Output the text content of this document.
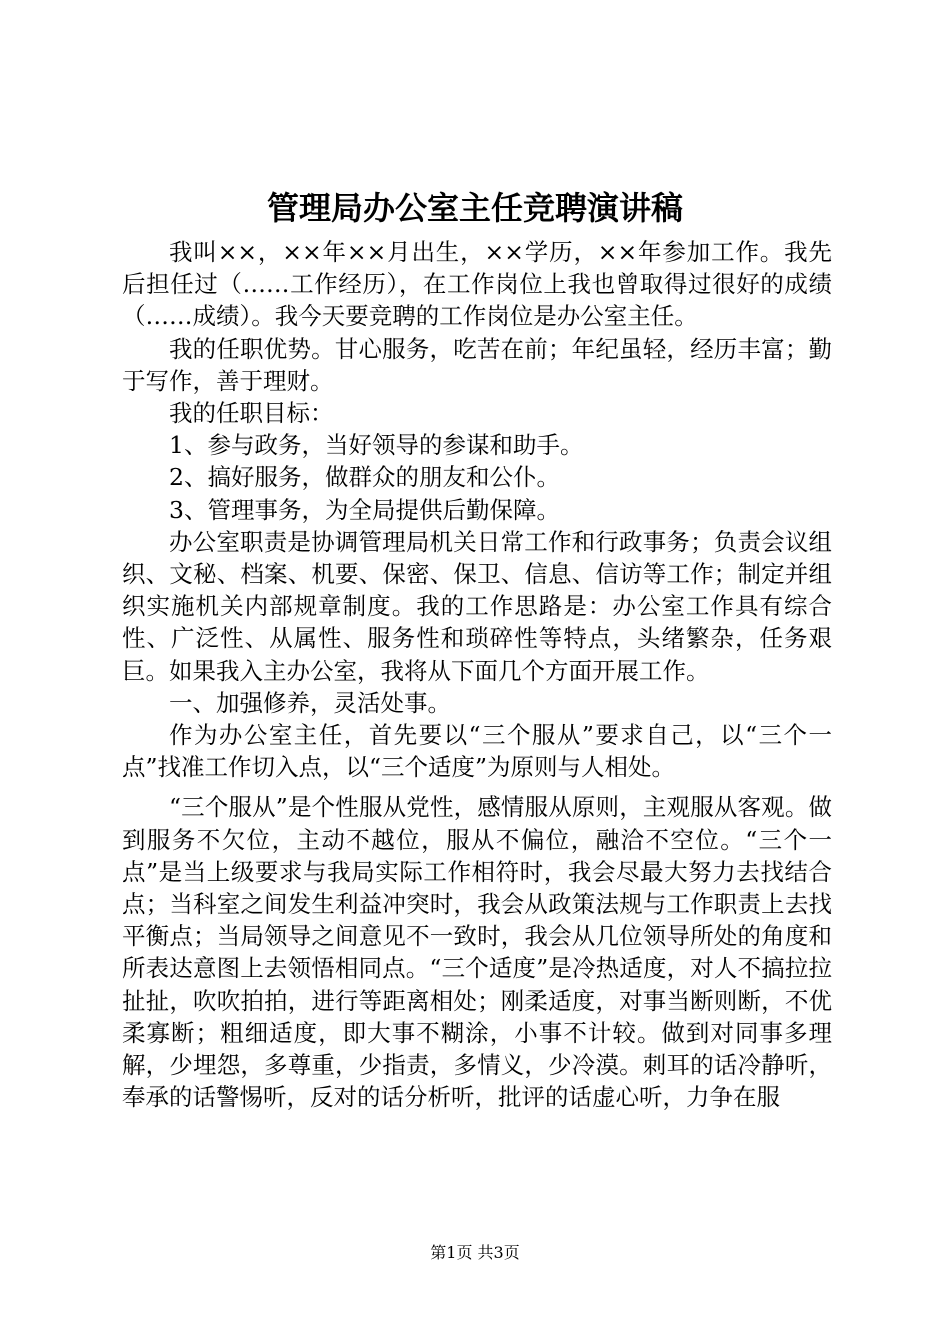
管理局办公室主任竞聘演讲稿

我叫××，××年××月出生，××学历，××年参加工作。我先后担任过（……工作经历），在工作岗位上我也曾取得过很好的成绩（……成绩）。我今天要竞聘的工作岗位是办公室主任。

我的任职优势。甘心服务，吃苦在前；年纪虽轻，经历丰富；勤于写作，善于理财。

我的任职目标：

1、参与政务，当好领导的参谋和助手。

2、搞好服务，做群众的朋友和公仆。

3、管理事务，为全局提供后勤保障。

办公室职责是协调管理局机关日常工作和行政事务；负责会议组织、文秘、档案、机要、保密、保卫、信息、信访等工作；制定并组织实施机关内部规章制度。我的工作思路是：办公室工作具有综合性、广泛性、从属性、服务性和琐碎性等特点，头绪繁杂，任务艰巨。如果我入主办公室，我将从下面几个方面开展工作。

一、加强修养，灵活处事。

作为办公室主任，首先要以“三个服从”要求自己，以“三个一点”找准工作切入点，以“三个适度”为原则与人相处。

“三个服从”是个性服从党性，感情服从原则，主观服从客观。做到服务不欠位，主动不越位，服从不偏位，融洽不空位。“三个一点”是当上级要求与我局实际工作相符时，我会尽最大努力去找结合点；当科室之间发生利益冲突时，我会从政策法规与工作职责上去找平衡点；当局领导之间意见不一致时，我会从几位领导所处的角度和所表达意图上去领悟相同点。“三个适度”是冷热适度，对人不搞拉拉扯扯，吹吹拍拍，进行等距离相处；刚柔适度，对事当断则断，不优柔寡断；粗细适度，即大事不糊涂，小事不计较。做到对同事多理解，少埋怨，多尊重，少指责，多情义，少冷漠。刺耳的话冷静听，奉承的话警惕听，反对的话分析听，批评的话虚心听，力争在服

第1页 共3页
